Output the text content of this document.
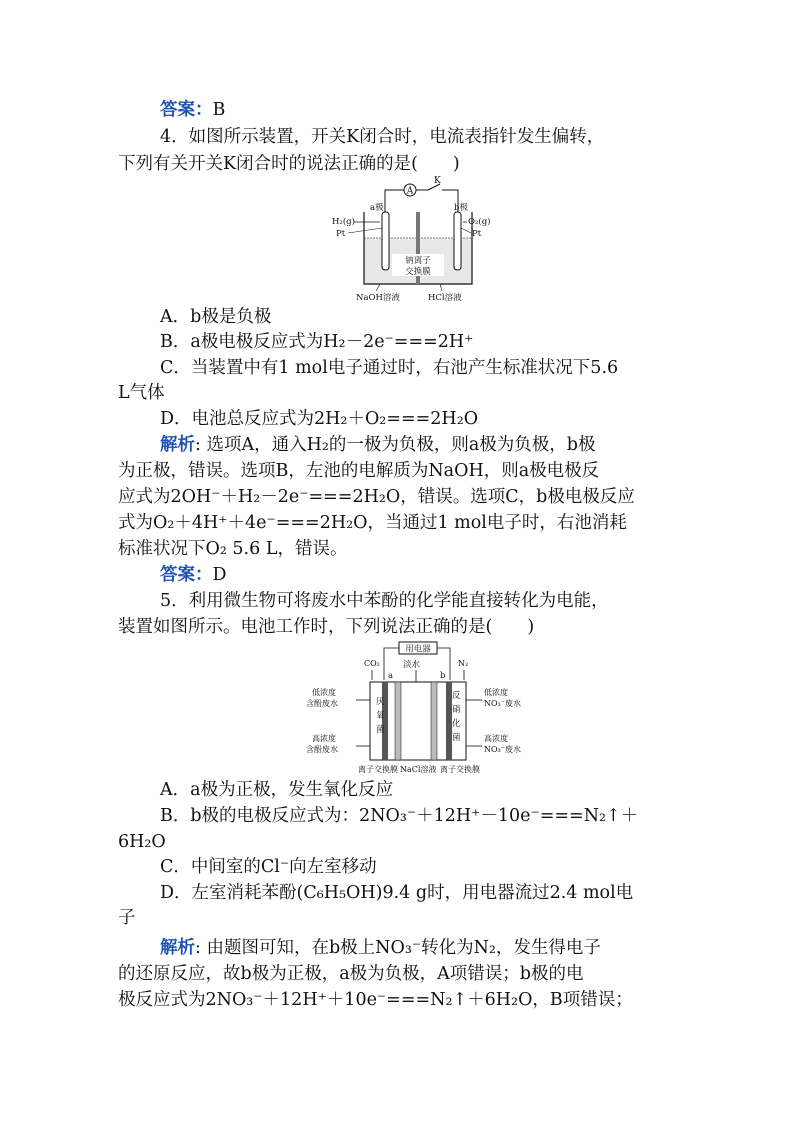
答案：B
4．如图所示装置，开关K闭合时，电流表指针发生偏转，
下列有关开关K闭合时的说法正确的是(　　)
A
K
钠离子
交换膜
a极	b极
H₂(g)
Pt
O₂(g)
Pt
NaOH溶液	HCl溶液
A．b极是负极
B．a极电极反应式为H₂－2e⁻===2H⁺
C．当装置中有1 mol电子通过时，右池产生标准状况下5.6
L气体
D．电池总反应式为2H₂＋O₂===2H₂O
解析: 选项A，通入H₂的一极为负极，则a极为负极，b极
为正极，错误。选项B，左池的电解质为NaOH，则a极电极反
应式为2OH⁻＋H₂－2e⁻===2H₂O，错误。选项C，b极电极反应
式为O₂＋4H⁺＋4e⁻===2H₂O，当通过1 mol电子时，右池消耗
标准状况下O₂ 5.6 L，错误。
答案：D
5．利用微生物可将废水中苯酚的化学能直接转化为电能，
装置如图所示。电池工作时，下列说法正确的是(　　)
用电器
CO₂	淡水	N₂
a	b
厌
氧
菌
反
硝
化
菌
低浓度
含酚废水
高浓度
含酚废水
低浓度
NO₃⁻废水
高浓度
NO₃⁻废水
离子交换膜 NaCl溶液 离子交换膜
A．a极为正极，发生氧化反应
B．b极的电极反应式为：2NO₃⁻＋12H⁺－10e⁻===N₂↑＋
6H₂O
C．中间室的Cl⁻向左室移动
D．左室消耗苯酚(C₆H₅OH)9.4 g时，用电器流过2.4 mol电
子
解析: 由题图可知，在b极上NO₃⁻转化为N₂，发生得电子
的还原反应，故b极为正极，a极为负极，A项错误；b极的电
极反应式为2NO₃⁻＋12H⁺＋10e⁻===N₂↑＋6H₂O，B项错误；
